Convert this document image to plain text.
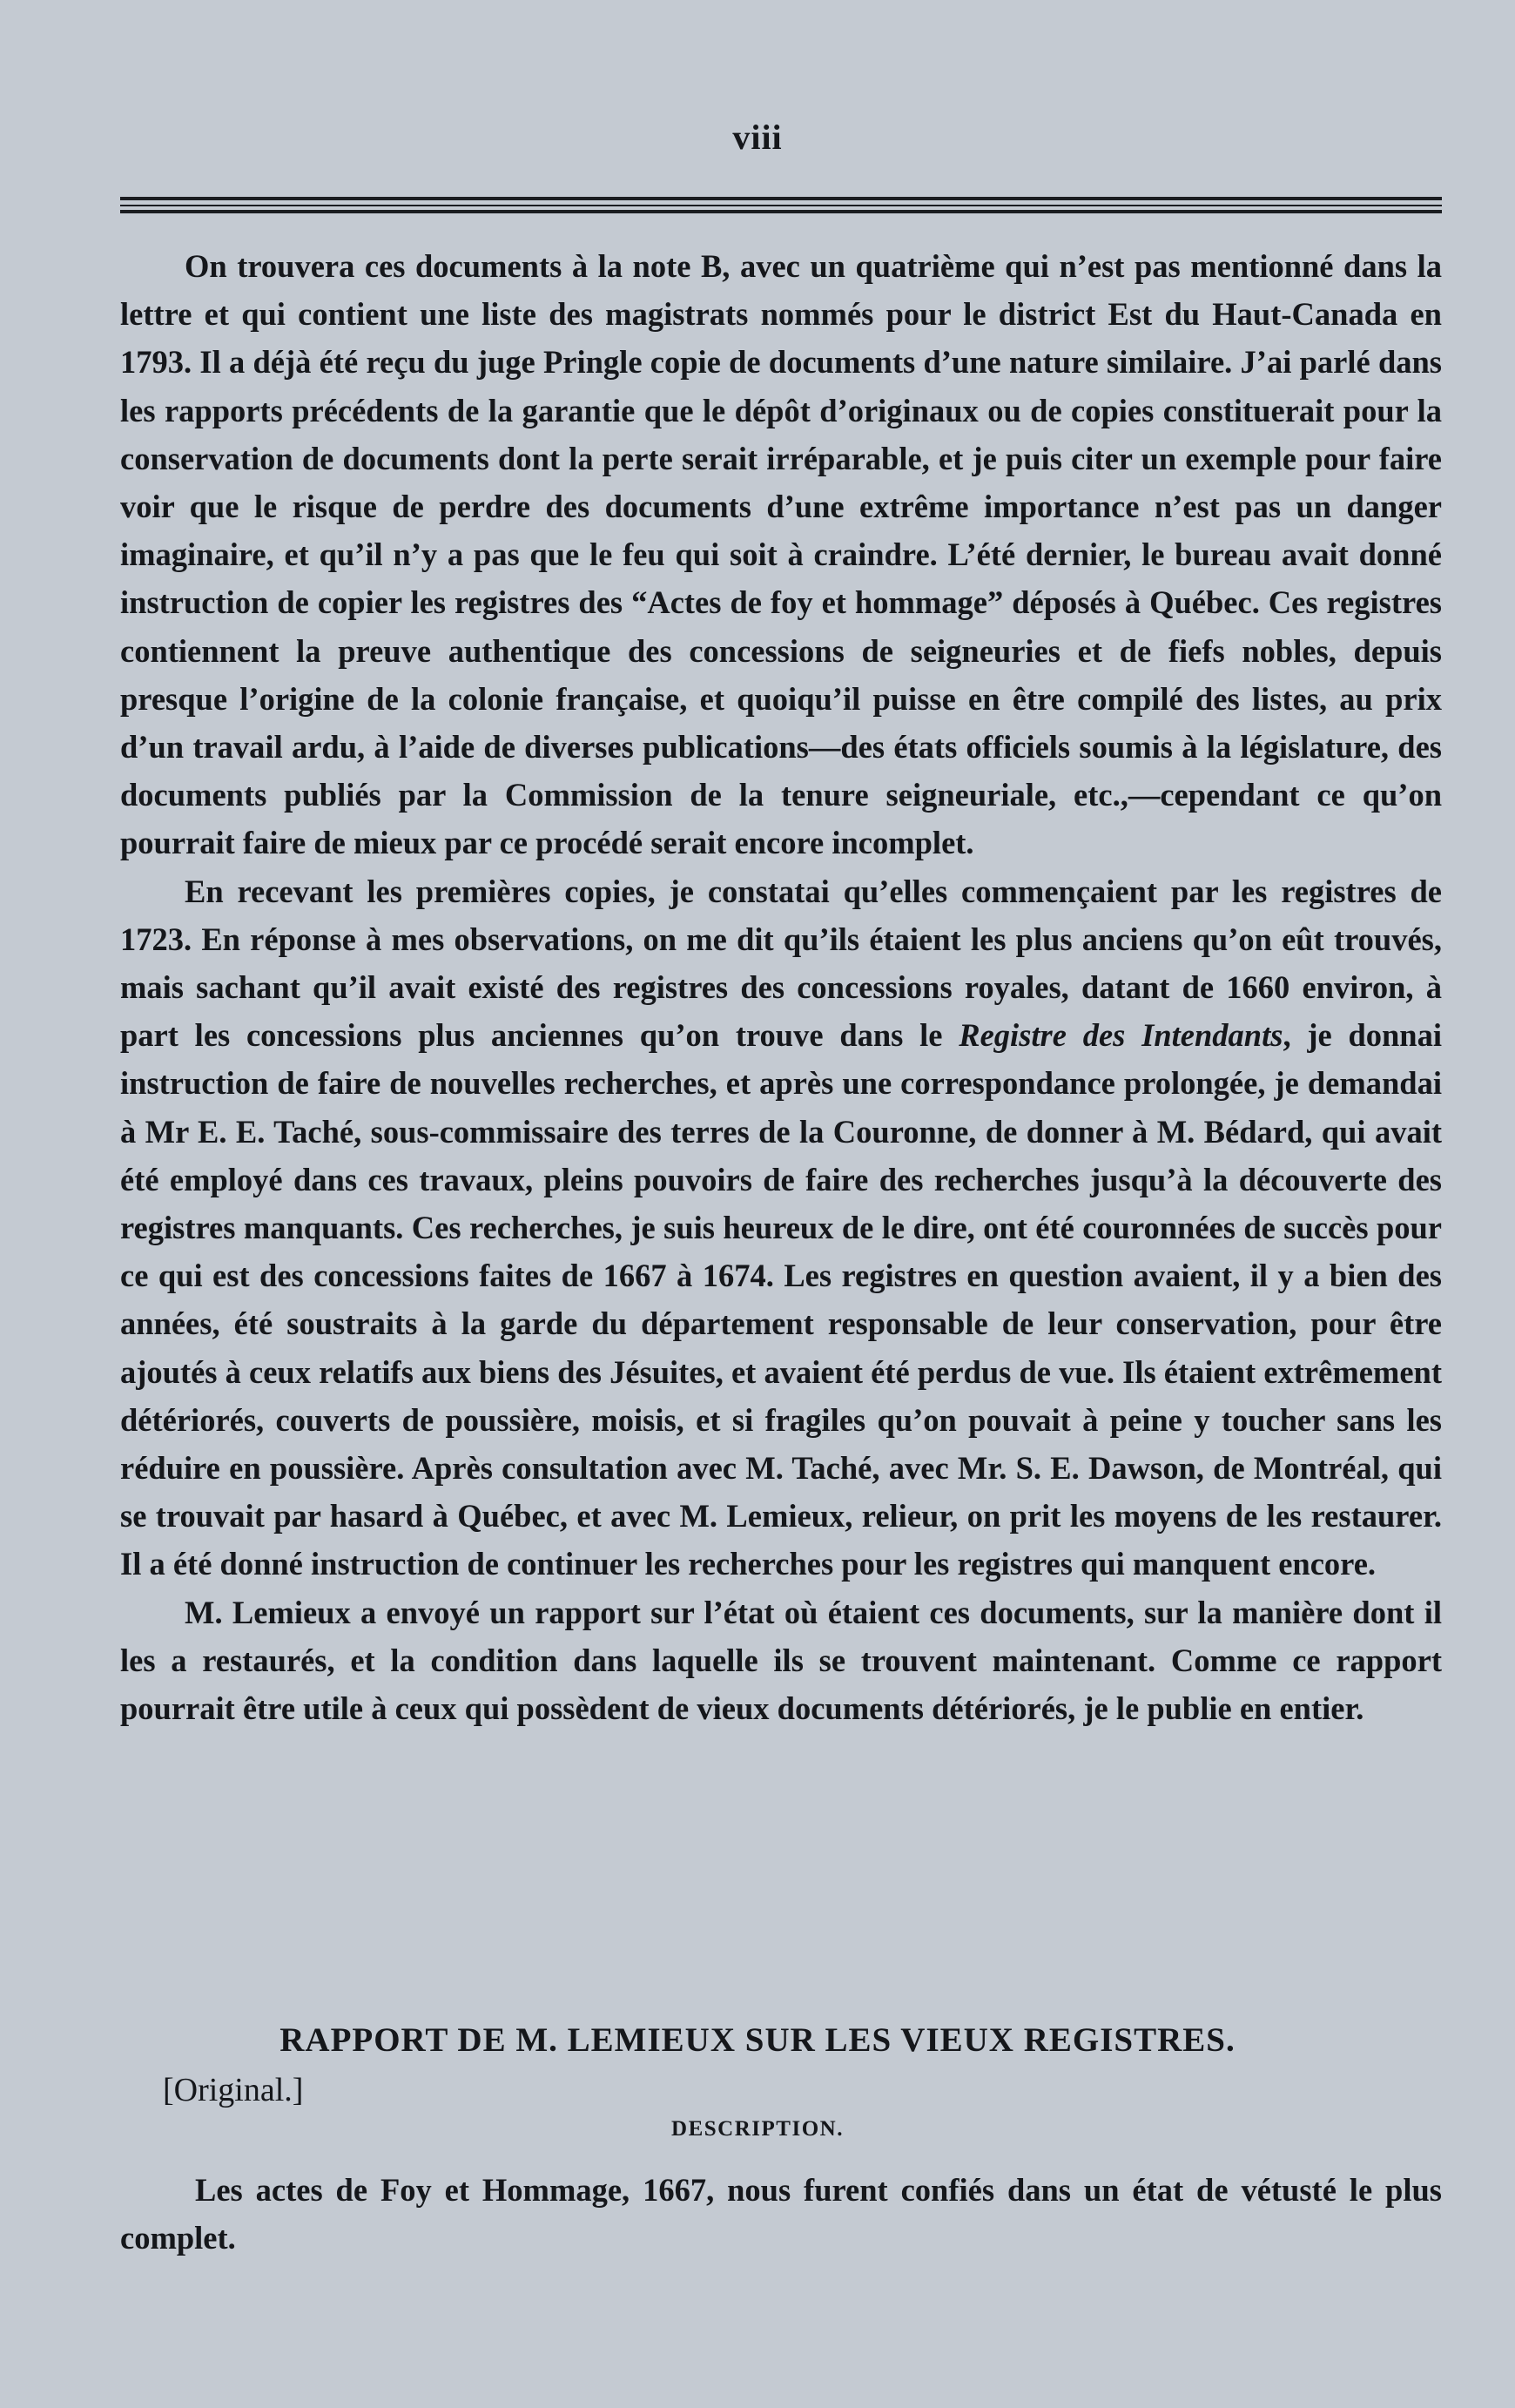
viii

On trouvera ces documents à la note B, avec un quatrième qui n’est pas mentionné dans la lettre et qui contient une liste des magistrats nommés pour le district Est du Haut-Canada en 1793. Il a déjà été reçu du juge Pringle copie de documents d’une nature similaire. J’ai parlé dans les rapports précédents de la garantie que le dépôt d’originaux ou de copies constituerait pour la conservation de documents dont la perte serait irréparable, et je puis citer un exemple pour faire voir que le risque de perdre des documents d’une extrême importance n’est pas un danger imaginaire, et qu’il n’y a pas que le feu qui soit à craindre. L’été dernier, le bureau avait donné instruction de copier les registres des “Actes de foy et hommage” déposés à Québec. Ces registres contiennent la preuve authentique des concessions de seigneuries et de fiefs nobles, depuis presque l’origine de la colonie française, et quoiqu’il puisse en être compilé des listes, au prix d’un travail ardu, à l’aide de diverses publications—des états officiels soumis à la législature, des documents publiés par la Commission de la tenure seigneuriale, etc.,—cependant ce qu’on pourrait faire de mieux par ce procédé serait encore incomplet.

En recevant les premières copies, je constatai qu’elles commençaient par les registres de 1723. En réponse à mes observations, on me dit qu’ils étaient les plus anciens qu’on eût trouvés, mais sachant qu’il avait existé des registres des concessions royales, datant de 1660 environ, à part les concessions plus anciennes qu’on trouve dans le Registre des Intendants, je donnai instruction de faire de nouvelles recherches, et après une correspondance prolongée, je demandai à Mr E. E. Taché, sous-commissaire des terres de la Couronne, de donner à M. Bédard, qui avait été employé dans ces travaux, pleins pouvoirs de faire des recherches jusqu’à la découverte des registres manquants. Ces recherches, je suis heureux de le dire, ont été couronnées de succès pour ce qui est des concessions faites de 1667 à 1674. Les registres en question avaient, il y a bien des années, été soustraits à la garde du département responsable de leur conservation, pour être ajoutés à ceux relatifs aux biens des Jésuites, et avaient été perdus de vue. Ils étaient extrêmement détériorés, couverts de poussière, moisis, et si fragiles qu’on pouvait à peine y toucher sans les réduire en poussière. Après consultation avec M. Taché, avec Mr. S. E. Dawson, de Montréal, qui se trouvait par hasard à Québec, et avec M. Lemieux, relieur, on prit les moyens de les restaurer. Il a été donné instruction de continuer les recherches pour les registres qui manquent encore.

M. Lemieux a envoyé un rapport sur l’état où étaient ces documents, sur la manière dont il les a restaurés, et la condition dans laquelle ils se trouvent maintenant. Comme ce rapport pourrait être utile à ceux qui possèdent de vieux documents détériorés, je le publie en entier.

RAPPORT DE M. LEMIEUX SUR LES VIEUX REGISTRES.
[Original.]
DESCRIPTION.

Les actes de Foy et Hommage, 1667, nous furent confiés dans un état de vétusté le plus complet.
